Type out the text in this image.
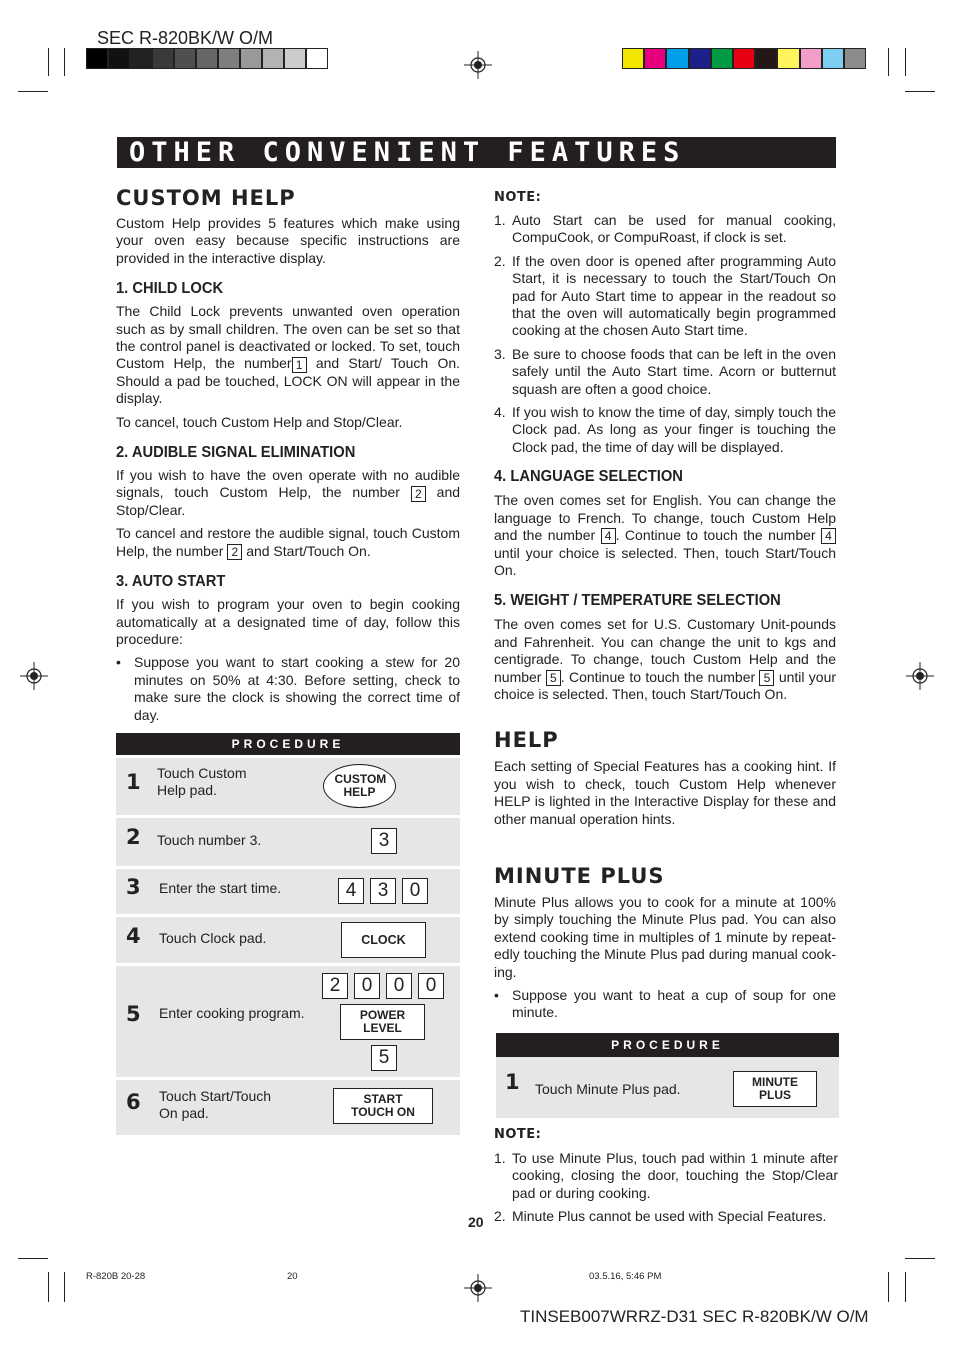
SEC R-820BK/W O/M
OTHER CONVENIENT FEATURES
CUSTOM HELP

Custom Help provides 5 features which make using your oven easy because specific instructions are provided in the interactive display.

1. CHILD LOCK

The Child Lock prevents unwanted oven operation such as by small children. The oven can be set so that the control panel is deactivated or locked. To set, touch Custom Help, the number 1 and Start/ Touch On. Should a pad be touched, LOCK ON will appear in the display.

To cancel, touch Custom Help and Stop/Clear.

2. AUDIBLE SIGNAL ELIMINATION

If you wish to have the oven operate with no audible signals, touch Custom Help, the number 2 and Stop/Clear.

To cancel and restore the audible signal, touch Custom Help, the number 2 and Start/Touch On.

3. AUTO START

If you wish to program your oven to begin cooking automatically at a designated time of day, follow this procedure:

• Suppose you want to start cooking a stew for 20 minutes on 50% at 4:30. Before setting, check to make sure the clock is showing the correct time of day.
PROCEDURE
1 Touch Custom Help pad.
CUSTOM HELP
2 Touch number 3.	3
3 Enter the start time.	4	3	0
4 Touch Clock pad.	CLOCK
5 Enter cooking program.
2	0	0	0
POWER LEVEL
5
6 Touch Start/Touch On pad.
START TOUCH ON
NOTE:
1. Auto Start can be used for manual cooking, CompuCook, or CompuRoast, if clock is set.
2. If the oven door is opened after programming Auto Start, it is necessary to touch the Start/Touch On pad for Auto Start time to appear in the readout so that the oven will automatically begin programmed cooking at the chosen Auto Start time.
3. Be sure to choose foods that can be left in the oven safely until the Auto Start time. Acorn or butternut squash are often a good choice.
4. If you wish to know the time of day, simply touch the Clock pad. As long as your finger is touching the Clock pad, the time of day will be displayed.
4. LANGUAGE SELECTION

The oven comes set for English. You can change the language to French. To change, touch Custom Help and the number 4 . Continue to touch the number 4 until your choice is selected. Then, touch Start/Touch On.

5. WEIGHT / TEMPERATURE SELECTION

The oven comes set for U.S. Customary Unit-pounds and Fahrenheit. You can change the unit to kgs and centigrade. To change, touch Custom Help and the number 5 . Continue to touch the number 5 until your choice is selected. Then, touch Start/Touch On.

HELP

Each setting of Special Features has a cooking hint. If you wish to check, touch Custom Help whenever HELP is lighted in the Interactive Display for these and other manual operation hints.

MINUTE PLUS

Minute Plus allows you to cook for a minute at 100% by simply touching the Minute Plus pad. You can also extend cooking time in multiples of 1 minute by repeat-edly touching the Minute Plus pad during manual cook-ing.

• Suppose you want to heat a cup of soup for one minute.
PROCEDURE
1 Touch Minute Plus pad.	MINUTE PLUS
NOTE:
1. To use Minute Plus, touch pad within 1 minute after cooking, closing the door, touching the Stop/Clear pad or during cooking.
2. Minute Plus cannot be used with Special Features.
20
R-820B 20-28	20	03.5.16, 5:46 PM
TINSEB007WRRZ-D31 SEC R-820BK/W O/M
